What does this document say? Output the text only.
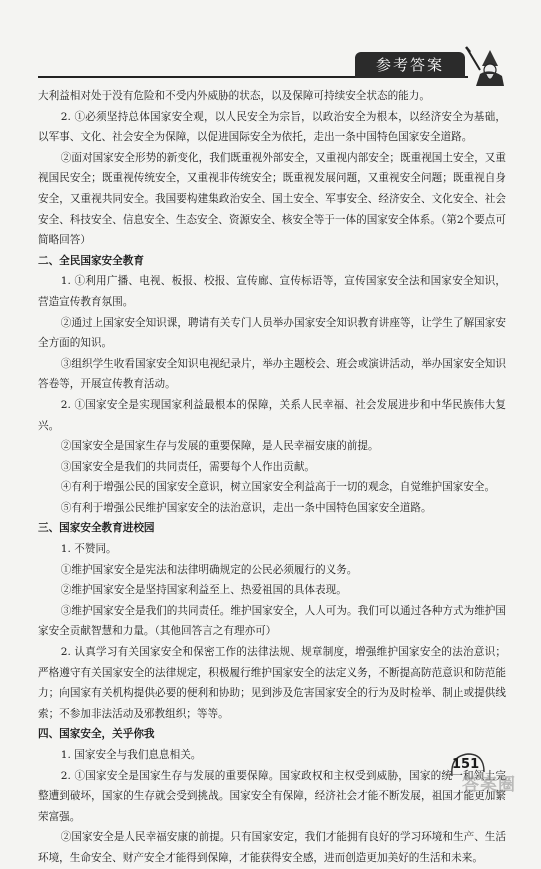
参考答案

大利益相对处于没有危险和不受内外威胁的状态，以及保障可持续安全状态的能力。

2. ①必须坚持总体国家安全观，以人民安全为宗旨，以政治安全为根本，以经济安全为基础，以军事、文化、社会安全为保障，以促进国际安全为依托，走出一条中国特色国家安全道路。

②面对国家安全形势的新变化，我们既重视外部安全，又重视内部安全；既重视国土安全，又重视国民安全；既重视传统安全，又重视非传统安全；既重视发展问题，又重视安全问题；既重视自身安全，又重视共同安全。我国要构建集政治安全、国土安全、军事安全、经济安全、文化安全、社会安全、科技安全、信息安全、生态安全、资源安全、核安全等于一体的国家安全体系。（第2个要点可简略回答）

二、全民国家安全教育

1. ①利用广播、电视、板报、校报、宣传廊、宣传标语等，宣传国家安全法和国家安全知识，营造宣传教育氛围。

②通过上国家安全知识课，聘请有关专门人员举办国家安全知识教育讲座等，让学生了解国家安全方面的知识。

③组织学生收看国家安全知识电视纪录片，举办主题校会、班会或演讲活动，举办国家安全知识答卷等，开展宣传教育活动。

2. ①国家安全是实现国家利益最根本的保障，关系人民幸福、社会发展进步和中华民族伟大复兴。

②国家安全是国家生存与发展的重要保障，是人民幸福安康的前提。

③国家安全是我们的共同责任，需要每个人作出贡献。

④有利于增强公民的国家安全意识，树立国家安全利益高于一切的观念，自觉维护国家安全。

⑤有利于增强公民维护国家安全的法治意识，走出一条中国特色国家安全道路。

三、国家安全教育进校园

1. 不赞同。

①维护国家安全是宪法和法律明确规定的公民必须履行的义务。

②维护国家安全是坚持国家利益至上、热爱祖国的具体表现。

③维护国家安全是我们的共同责任。维护国家安全，人人可为。我们可以通过各种方式为维护国家安全贡献智慧和力量。（其他回答言之有理亦可）

2. 认真学习有关国家安全和保密工作的法律法规、规章制度，增强维护国家安全的法治意识；严格遵守有关国家安全的法律规定，积极履行维护国家安全的法定义务，不断提高防范意识和防范能力；向国家有关机构提供必要的便利和协助；见到涉及危害国家安全的行为及时检举、制止或提供线索；不参加非法活动及邪教组织；等等。

四、国家安全，关乎你我

1. 国家安全与我们息息相关。

2. ①国家安全是国家生存与发展的重要保障。国家政权和主权受到威胁，国家的统一和领土完整遭到破坏，国家的生存就会受到挑战。国家安全有保障，经济社会才能不断发展，祖国才能更加繁荣富强。

②国家安全是人民幸福安康的前提。只有国家安定，我们才能拥有良好的学习环境和生产、生活环境，生命安全、财产安全才能得到保障，才能获得安全感，进而创造更加美好的生活和未来。

151
答案圈
